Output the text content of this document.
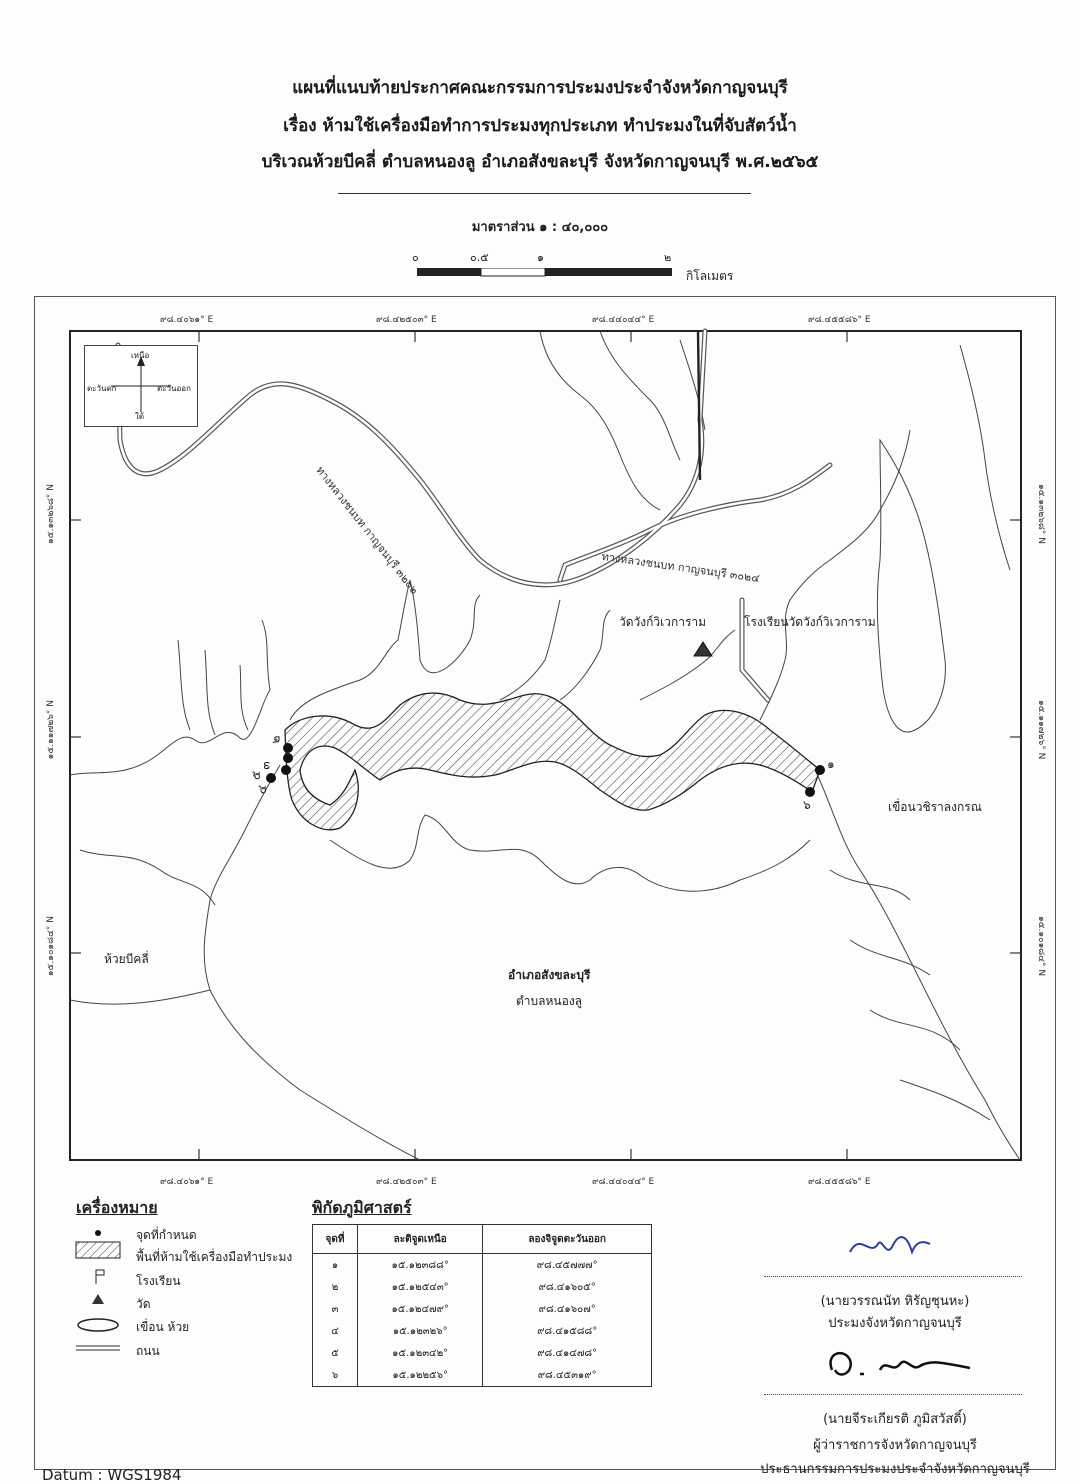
แผนที่แนบท้ายประกาศคณะกรรมการประมงประจำจังหวัดกาญจนบุรี
เรื่อง ห้ามใช้เครื่องมือทำการประมงทุกประเภท ทำประมงในที่จับสัตว์น้ำ
บริเวณห้วยบีคลี่ ตำบลหนองลู อำเภอสังขละบุรี จังหวัดกาญจนบุรี พ.ศ.๒๕๖๕
มาตราส่วน ๑ : ๔๐,๐๐๐
๐	๐.๕	๑	๒
กิโลเมตร
๙๘.๔๐๖๑° E	๙๘.๔๒๕๐๓° E	๙๘.๔๔๐๔๔° E	๙๘.๔๕๕๘๖° E
๙๘.๔๐๖๑° E	๙๘.๔๒๕๐๓° E	๙๘.๔๔๐๔๔° E	๙๘.๔๕๕๘๖° E
๑๕.๑๓๒๖๘° N
๑๕.๑๑๗๒๖° N
๑๕.๑๐๑๘๔° N
๑๕.๑๓๒๖๘° N
๑๕.๑๑๗๒๖° N
๑๕.๑๐๑๘๔° N
เหนือ
ใต้
ตะวันตก	ตะวันออก
ทางหลวงชนบท กาญจนบุรี ๓๒๐๒	ทางหลวงชนบท กาญจนบุรี ๓๐๒๔
วัดวังก์วิเวการาม	โรงเรียนวัดวังก์วิเวการาม
เขื่อนวชิราลงกรณ
ห้วยบีคลี่
อำเภอสังขละบุรี
ตำบลหนองลู
๑
๒
๓
๔
๕
๖
เครื่องหมาย
จุดที่กำหนด
พื้นที่ห้ามใช้เครื่องมือทำประมง
โรงเรียน
วัด
เขื่อน ห้วย
ถนน
พิกัดภูมิศาสตร์
จุดที่	ละติจูดเหนือ	ลองจิจูดตะวันออก
๑	๑๕.๑๒๓๘๘°	๙๘.๔๕๗๗๗°
๒	๑๕.๑๒๕๔๓°	๙๘.๔๑๖๐๕°
๓	๑๕.๑๒๔๗๙°	๙๘.๔๑๖๐๗°
๔	๑๕.๑๒๓๒๖°	๙๘.๔๑๕๘๘°
๕	๑๕.๑๒๓๔๒°	๙๘.๔๑๔๗๘°
๖	๑๕.๑๒๒๕๖°	๙๘.๔๕๓๑๙°
(นายวรรณนัท หิรัญชุนหะ)
ประมงจังหวัดกาญจนบุรี
(นายจีระเกียรติ ภูมิสวัสดิ์)
ผู้ว่าราชการจังหวัดกาญจนบุรี
ประธานกรรมการประมงประจำจังหวัดกาญจนบุรี
Datum : WGS1984
